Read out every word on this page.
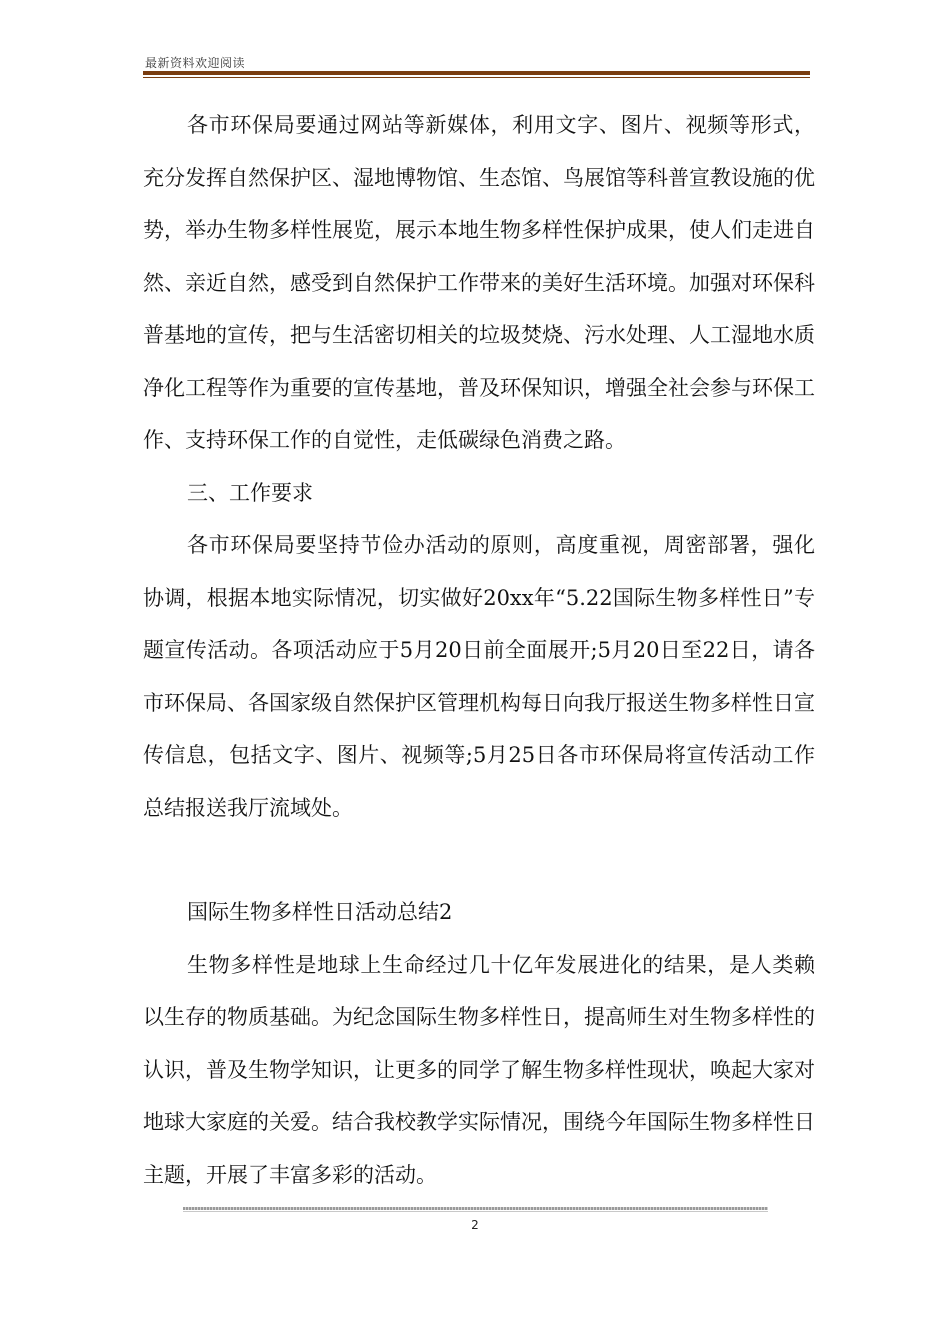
最新资料欢迎阅读

各市环保局要通过网站等新媒体，利用文字、图片、视频等形式，充分发挥自然保护区、湿地博物馆、生态馆、鸟展馆等科普宣教设施的优势，举办生物多样性展览，展示本地生物多样性保护成果，使人们走进自然、亲近自然，感受到自然保护工作带来的美好生活环境。加强对环保科普基地的宣传，把与生活密切相关的垃圾焚烧、污水处理、人工湿地水质净化工程等作为重要的宣传基地，普及环保知识，增强全社会参与环保工作、支持环保工作的自觉性，走低碳绿色消费之路。

三、工作要求

各市环保局要坚持节俭办活动的原则，高度重视，周密部署，强化协调，根据本地实际情况，切实做好20xx年“5.22国际生物多样性日”专题宣传活动。各项活动应于5月20日前全面展开;5月20日至22日，请各市环保局、各国家级自然保护区管理机构每日向我厅报送生物多样性日宣传信息，包括文字、图片、视频等;5月25日各市环保局将宣传活动工作总结报送我厅流域处。

国际生物多样性日活动总结2

生物多样性是地球上生命经过几十亿年发展进化的结果，是人类赖以生存的物质基础。为纪念国际生物多样性日，提高师生对生物多样性的认识，普及生物学知识，让更多的同学了解生物多样性现状，唤起大家对地球大家庭的关爱。结合我校教学实际情况，围绕今年国际生物多样性日主题，开展了丰富多彩的活动。

2
